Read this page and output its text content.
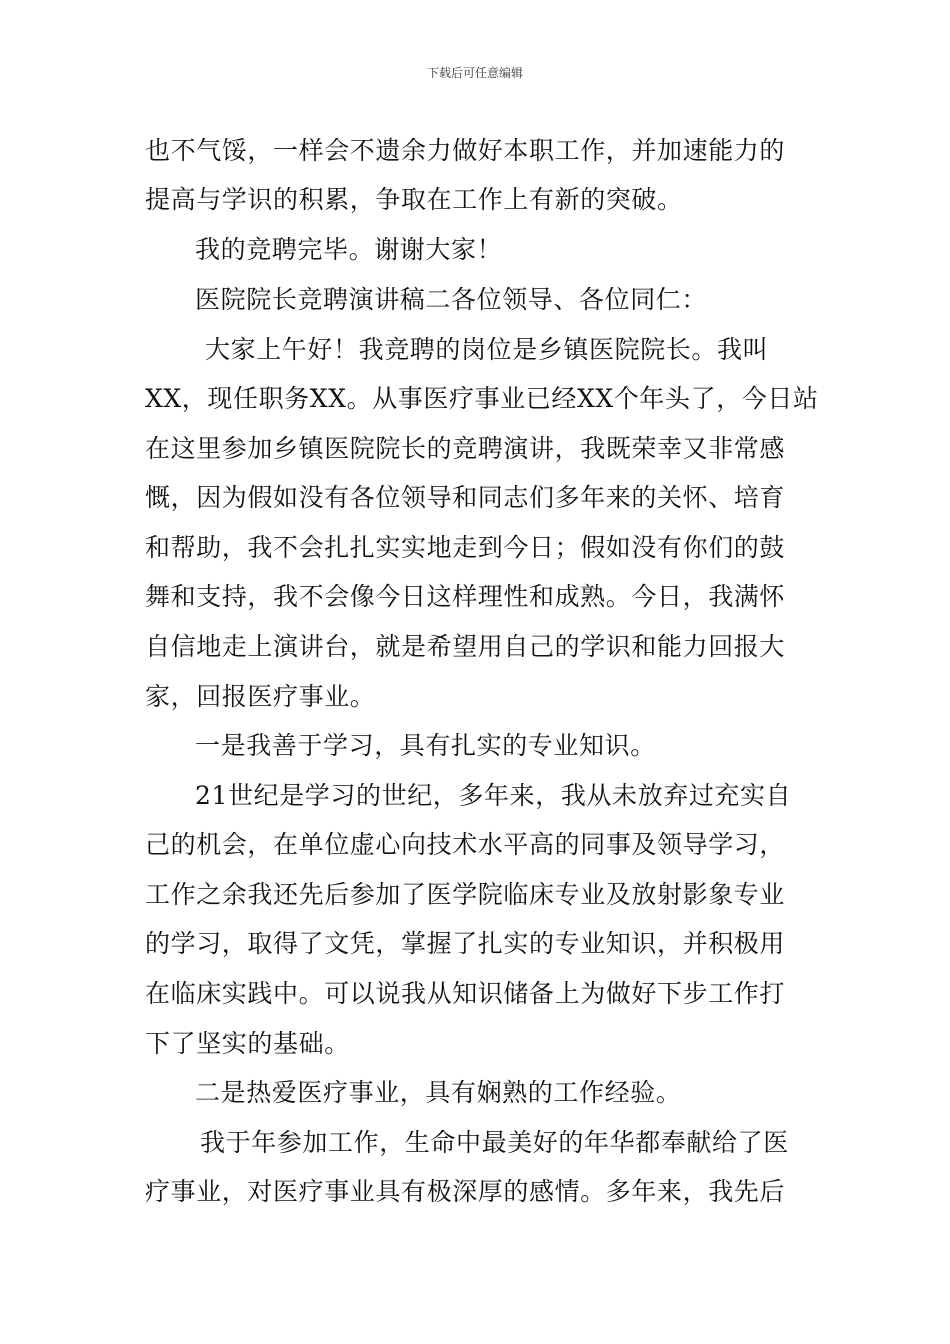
下载后可任意编辑
也不气馁，一样会不遗余力做好本职工作，并加速能力的
提高与学识的积累，争取在工作上有新的突破。
我的竞聘完毕。谢谢大家！
医院院长竞聘演讲稿二各位领导、各位同仁：
大家上午好！我竞聘的岗位是乡镇医院院长。我叫
XX，现任职务XX。从事医疗事业已经XX个年头了，今日站
在这里参加乡镇医院院长的竞聘演讲，我既荣幸又非常感
慨，因为假如没有各位领导和同志们多年来的关怀、培育
和帮助，我不会扎扎实实地走到今日；假如没有你们的鼓
舞和支持，我不会像今日这样理性和成熟。今日，我满怀
自信地走上演讲台，就是希望用自己的学识和能力回报大
家，回报医疗事业。
一是我善于学习，具有扎实的专业知识。
21世纪是学习的世纪，多年来，我从未放弃过充实自
己的机会，在单位虚心向技术水平高的同事及领导学习，
工作之余我还先后参加了医学院临床专业及放射影象专业
的学习，取得了文凭，掌握了扎实的专业知识，并积极用
在临床实践中。可以说我从知识储备上为做好下步工作打
下了坚实的基础。
二是热爱医疗事业，具有娴熟的工作经验。
我于年参加工作，生命中最美好的年华都奉献给了医
疗事业，对医疗事业具有极深厚的感情。多年来，我先后
